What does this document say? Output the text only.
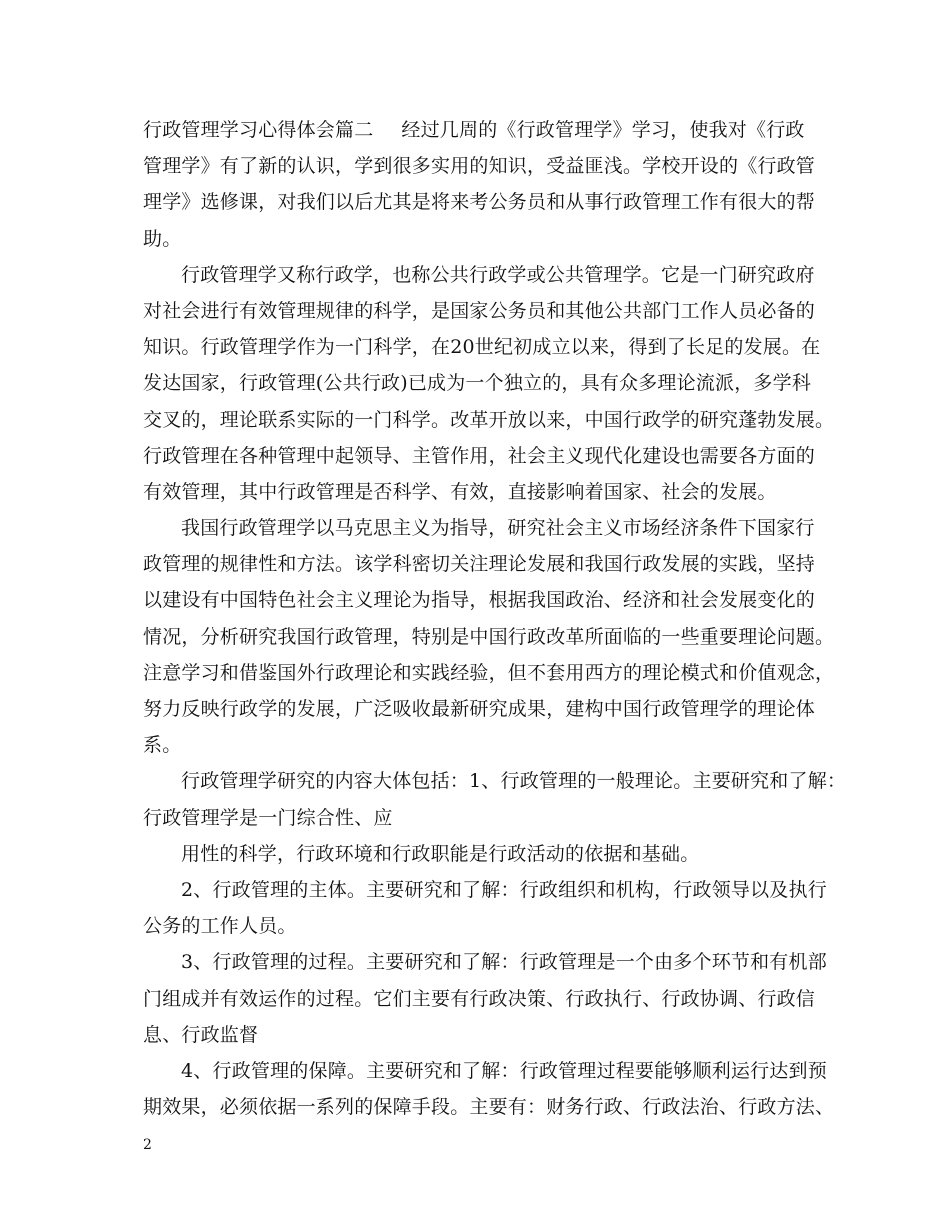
行政管理学习心得体会篇二 经过几周的《行政管理学》学习，使我对《行政
管理学》有了新的认识，学到很多实用的知识，受益匪浅。学校开设的《行政管
理学》选修课，对我们以后尤其是将来考公务员和从事行政管理工作有很大的帮
助。
行政管理学又称行政学，也称公共行政学或公共管理学。它是一门研究政府
对社会进行有效管理规律的科学，是国家公务员和其他公共部门工作人员必备的
知识。行政管理学作为一门科学，在20世纪初成立以来，得到了长足的发展。在
发达国家，行政管理(公共行政)已成为一个独立的，具有众多理论流派，多学科
交叉的，理论联系实际的一门科学。改革开放以来，中国行政学的研究蓬勃发展。
行政管理在各种管理中起领导、主管作用，社会主义现代化建设也需要各方面的
有效管理，其中行政管理是否科学、有效，直接影响着国家、社会的发展。
我国行政管理学以马克思主义为指导，研究社会主义市场经济条件下国家行
政管理的规律性和方法。该学科密切关注理论发展和我国行政发展的实践，坚持
以建设有中国特色社会主义理论为指导，根据我国政治、经济和社会发展变化的
情况，分析研究我国行政管理，特别是中国行政改革所面临的一些重要理论问题。
注意学习和借鉴国外行政理论和实践经验，但不套用西方的理论模式和价值观念，
努力反映行政学的发展，广泛吸收最新研究成果，建构中国行政管理学的理论体
系。
行政管理学研究的内容大体包括：1、行政管理的一般理论。主要研究和了解：
行政管理学是一门综合性、应
用性的科学，行政环境和行政职能是行政活动的依据和基础。
2、行政管理的主体。主要研究和了解：行政组织和机构，行政领导以及执行
公务的工作人员。
3、行政管理的过程。主要研究和了解：行政管理是一个由多个环节和有机部
门组成并有效运作的过程。它们主要有行政决策、行政执行、行政协调、行政信
息、行政监督
4、行政管理的保障。主要研究和了解：行政管理过程要能够顺利运行达到预
期效果，必须依据一系列的保障手段。主要有：财务行政、行政法治、行政方法、
2
